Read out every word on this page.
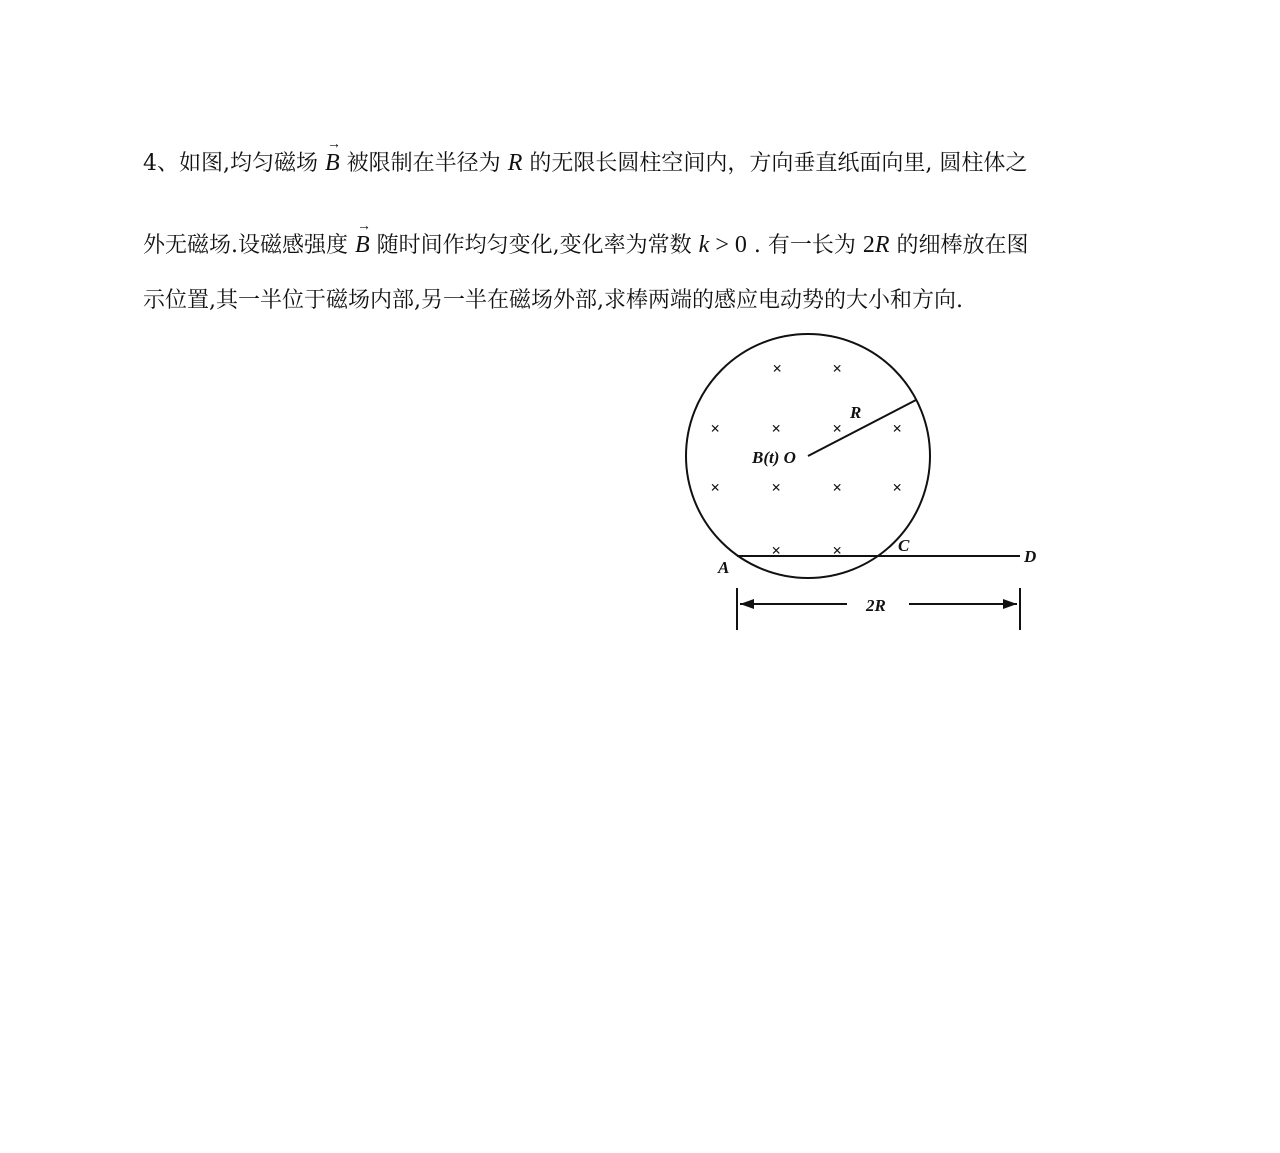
4、如图,均匀磁场
→
B 被限制在半径为 R 的无限长圆柱空间内，方向垂直纸面向里, 圆柱体之
外无磁场.设磁感强度
→
B 随时间作均匀变化,变化率为常数 k > 0 . 有一长为 2R 的细棒放在图
示位置,其一半位于磁场内部,另一半在磁场外部,求棒两端的感应电动势的大小和方向.
×	×
×	×	×	×
×	×	×	×
×	×
R
B(t) O
A
C
D
2R
